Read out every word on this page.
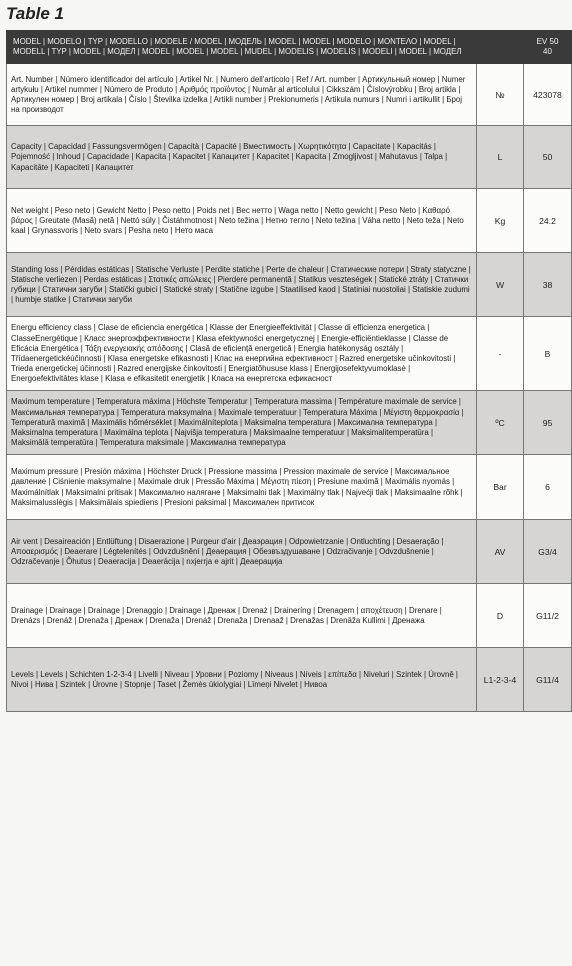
Table 1
MODEL | MODELO | TYP | MODELLO | MODELE / MODEL | МОДЕЛЬ | MODEL | MODEL | MODELO | ΜΟΝΤΕΛΟ | MODEL | MODELL | TYP | MODEL | МОДЕЛ | MODEL | MODEL | MODEL | MUDEL | MODELIS | MODELIS | MODELI | MODEL | МОДЕЛ		EV 50
40

Art. Number | Número identificador del artículo | Artikel Nr. | Numero dell'articolo | Ref / Art. number | Артикульный номер | Numer artykułu | Artikel nummer | Número de Produto | Αριθμός προϊόντος | Număr al articolului | Cikkszám | Číslovýrobku | Broj artikla | Артикулен номер | Broj artikala | Číslo | Številka izdelka | Artikli number | Prekionumeris | Artikula numurs | Numri i artikullit | Број на производот	№	423078
Capacity | Capacidad | Fassungsvermögen | Capacità | Capacité | Вместимость | Χωρητικότητα | Capacitate | Kapacitás | Pojemność | Inhoud | Capacidade | Kapacita | Kapacitet | Капацитет | Kapacitet | Kapacita | Zmogljivost | Mahutavus | Talpa | Kapacitāte | Kapaciteti | Капацитет	L	50
Net weight | Peso neto | Gewicht Netto | Peso netto | Poids net | Вес нетто | Waga netto | Netto gewicht | Peso Neto | Καθαρό βάρος | Greutate (Masă) netă | Nettó súly | Čistáhmotnost | Neto težina | Нетно тегло | Neto težina | Váha netto | Neto teža | Neto kaal | Grynassvoris | Neto svars | Pesha neto | Нето маса	Kg	24.2
Standing loss | Pérdidas estáticas | Statische Verluste | Perdite statiche | Perte de chaleur | Статические потери | Straty statyczne | Statische verliezen | Perdas estáticas | Στατικές απώλειες | Pierdere permanentă | Statikus veszteségek | Statické ztráty | Статички губици | Статични загуби | Statički gubici | Statické straty | Statične izgube | Staatilised kaod | Statiniai nuostoliai | Statiskie zudumi | humbje statike | Статички загуби	W	38
Energu efficiency class | Clase de eficiencia energética | Klasse der Energieeffektivität | Classe di efficienza energetica | ClasseEnergétique | Класс энергоэффективности | Klasa efektywności energetycznej | Energie-efficiëntieklasse | Classe de Eficácia Energética | Τάξη ενεργειακής απόδοσης | Clasă de eficiență energetică | Energia hatékonyság osztály | Třídaenergetickéúčinnosti | Klasa energetske efikasnosti | Клас на енергийна ефективност | Razred energetske učinkovitosti | Trieda energetickej účinnosti | Razred energijske činkovitosti | Energiatõhususe klass | Energijosefektyvumoklasė | Energoefektivitātes klase | Klasa e efikasitetit energjetik | Класа на енергетска ефикасност	-	B
Maximum temperature | Temperatura máxima | Höchste Temperatur | Temperatura massima | Température maximale de service | Максимальная температура | Temperatura maksymalna | Maximale temperatuur | Temperatura Máxima | Μέγιστη θερμοκρασία | Temperatură maximă | Maximális hőmérséklet | Maximálníteplota | Maksimalna temperatura | Максимална температура | Maksimalna temperatura | Maximálna teplota | Najvišja temperatura | Maksimaalne temperatuur | Maksimalitemperatūra | Maksimālā temperatūra | Temperatura maksimale | Максимална температура	ºC	95
Maximum pressure | Presión máxima | Höchster Druck | Pressione massima | Pression maximale de service | Максимальное давление | Ciśnienie maksymalne | Maximale druk | Pressão Máxima | Μέγιστη πίεση | Presiune maximă | Maximális nyomás | Maximálnítlak | Maksimalni pritisak | Максимално налягане | Maksimalni tlak | Maximálny tlak | Najvećji tlak | Maksimaalne rõhk | Maksimalusslėgis | Maksimālais spiediens | Presioni paksimal | Максимален притисок	Bar	6
Air vent | Desaireación | Entlüftung | Disaerazione | Purgeur d'air | Деаэрация | Odpowietrzanie | Ontluchting | Desaeração | Αποαερισμός | Deaerare | Légtelenítés | Odvzdušnění | Деаерация | Обезвъздушаване | Odzračivanje | Odvzdušnenie | Odzračevanje | Õhutus | Deaeracija | Deaerācija | nxjerrja e ajrit | Деаерација	AV	G3/4
Drainage | Drainage | Drainage | Drenaggio | Drainage | Дренаж | Drenaż | Draineríng | Drenagem | αποχέτευση | Drenare | Drenázs | Drenáž | Drenaža | Дренаж | Drenaža | Drenáž | Drenaža | Drenaaž | Drenažas | Drenāža Kullimi | Дренажа	D	G11/2
Levels | Levels | Schichten 1-2-3-4 | Livelli | Niveau | Уровни | Poziomy | Niveaus | Níveis | επίπεδα | Niveluri | Szintek | Úrovně | Nivoi | Нива | Szintek | Úrovne | Stopnje | Taset | Žemės ūkiolygiai | Līmeņi Nivelet | Нивоа	L1-2-3-4	G11/4
